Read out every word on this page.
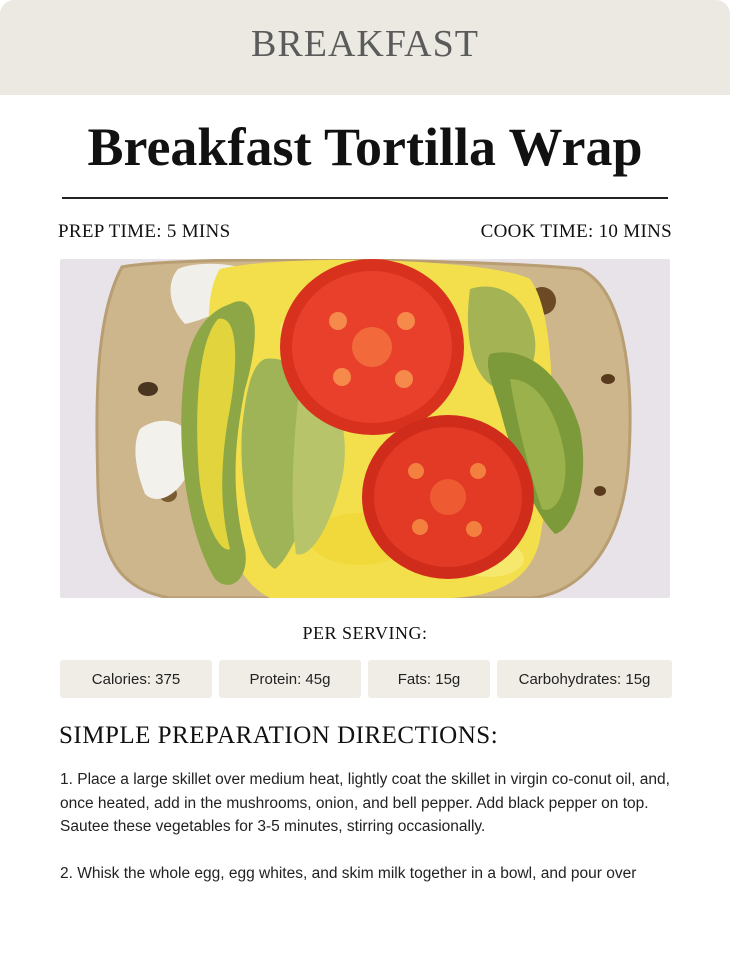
BREAKFAST
Breakfast Tortilla Wrap
PREP TIME: 5 MINS	COOK TIME: 10 MINS
PER SERVING:
Calories: 375	Protein: 45g	Fats: 15g	Carbohydrates: 15g
SIMPLE PREPARATION DIRECTIONS:

1. Place a large skillet over medium heat, lightly coat the skillet in virgin co-conut oil, and, once heated, add in the mushrooms, onion, and bell pepper. Add black pepper on top. Sautee these vegetables for 3-5 minutes, stirring occasionally.

2. Whisk the whole egg, egg whites, and skim milk together in a bowl, and pour over
